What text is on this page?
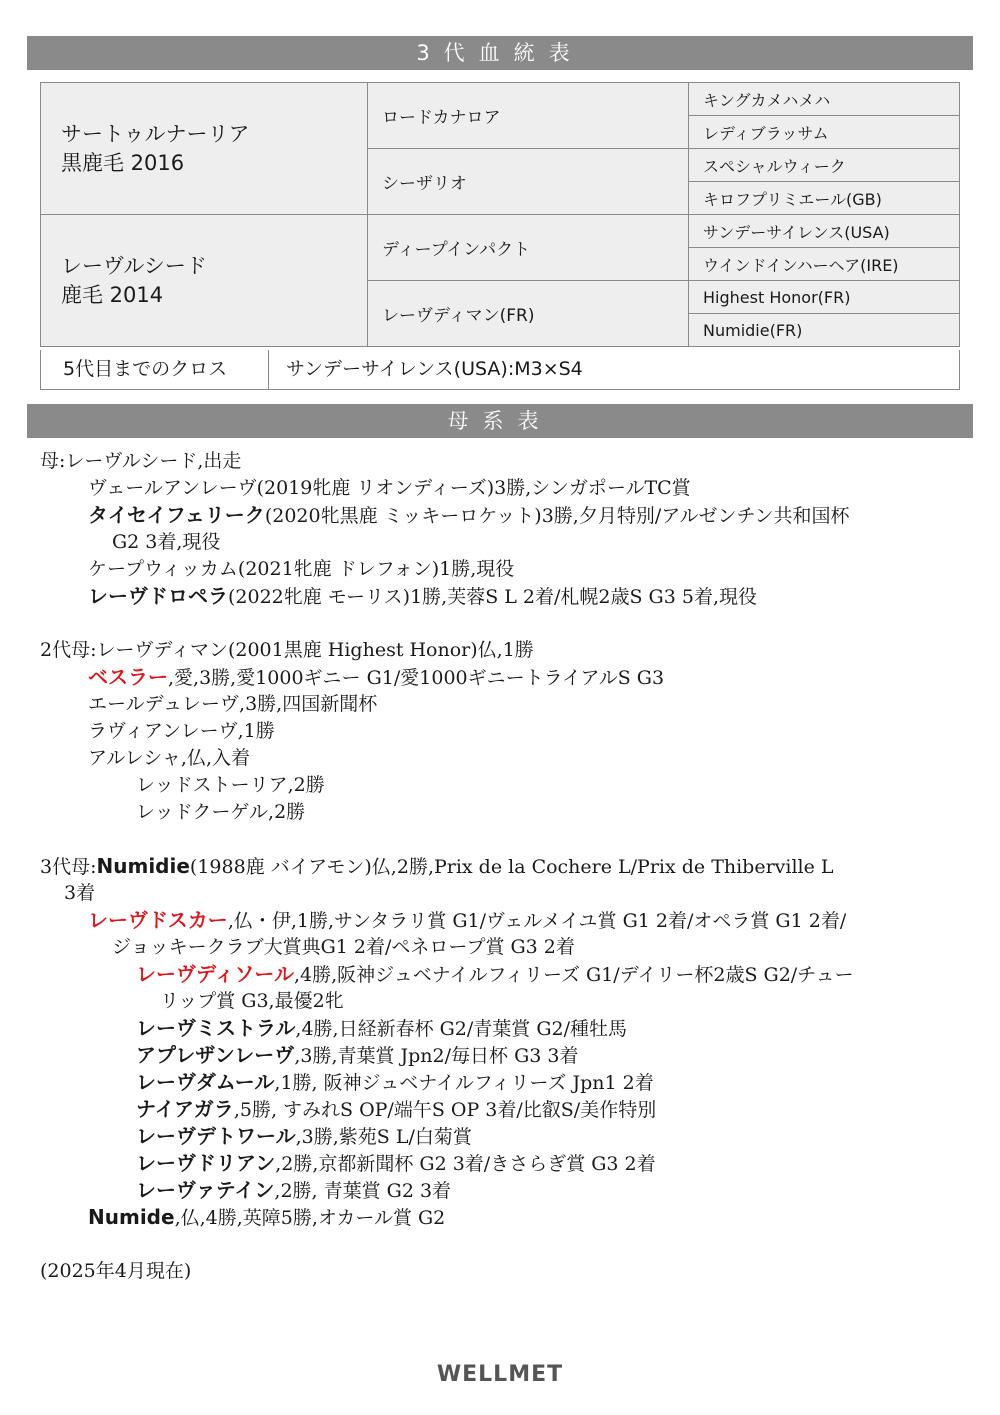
3代血統表
サートゥルナーリア
黒鹿毛 2016	ロードカナロア	キングカメハメハ
		レディブラッサム
	シーザリオ	スペシャルウィーク
		キロフプリミエール(GB)

レーヴルシード
鹿毛 2014	ディープインパクト	サンデーサイレンス(USA)
		ウインドインハーヘア(IRE)
	レーヴディマン(FR)	Highest Honor(FR)
		Numidie(FR)
5代目までのクロス	サンデーサイレンス(USA):M3×S4
母系表
母:レーヴルシード,出走
ヴェールアンレーヴ(2019牝鹿 リオンディーズ)3勝,シンガポールTC賞
タイセイフェリーク(2020牝黒鹿 ミッキーロケット)3勝,夕月特別/アルゼンチン共和国杯
G2 3着,現役
ケープウィッカム(2021牝鹿 ドレフォン)1勝,現役
レーヴドロペラ(2022牝鹿 モーリス)1勝,芙蓉S L 2着/札幌2歳S G3 5着,現役
2代母:レーヴディマン(2001黒鹿 Highest Honor)仏,1勝
ベスラー,愛,3勝,愛1000ギニー G1/愛1000ギニートライアルS G3
エールデュレーヴ,3勝,四国新聞杯
ラヴィアンレーヴ,1勝
アルレシャ,仏,入着
レッドストーリア,2勝
レッドクーゲル,2勝
3代母:Numidie(1988鹿 バイアモン)仏,2勝,Prix de la Cochere L/Prix de Thiberville L
3着
レーヴドスカー,仏・伊,1勝,サンタラリ賞 G1/ヴェルメイユ賞 G1 2着/オペラ賞 G1 2着/
ジョッキークラブ大賞典G1 2着/ペネロープ賞 G3 2着
レーヴディソール,4勝,阪神ジュベナイルフィリーズ G1/デイリー杯2歳S G2/チュー
リップ賞 G3,最優2牝
レーヴミストラル,4勝,日経新春杯 G2/青葉賞 G2/種牡馬
アプレザンレーヴ,3勝,青葉賞 Jpn2/毎日杯 G3 3着
レーヴダムール,1勝, 阪神ジュベナイルフィリーズ Jpn1 2着
ナイアガラ,5勝, すみれS OP/端午S OP 3着/比叡S/美作特別
レーヴデトワール,3勝,紫苑S L/白菊賞
レーヴドリアン,2勝,京都新聞杯 G2 3着/きさらぎ賞 G3 2着
レーヴァテイン,2勝, 青葉賞 G2 3着
Numide,仏,4勝,英障5勝,オカール賞 G2
(2025年4月現在)
WELLMET
